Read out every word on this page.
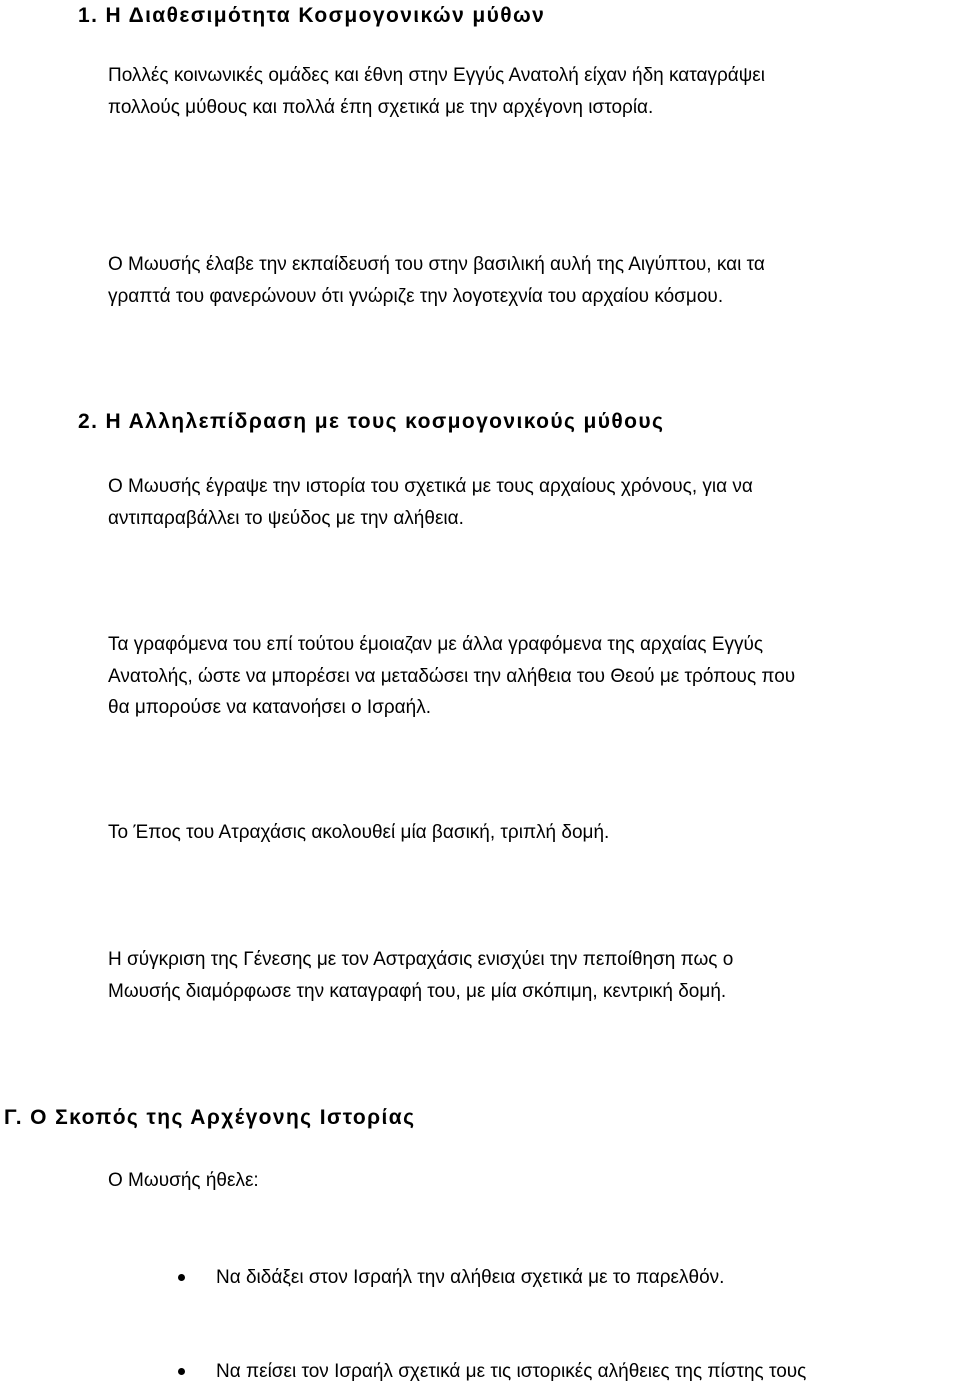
1. Η Διαθεσιμότητα Κοσμογονικών μύθων

Πολλές κοινωνικές ομάδες και έθνη στην Εγγύς Ανατολή είχαν ήδη καταγράψει
πολλούς μύθους και πολλά έπη σχετικά με την αρχέγονη ιστορία.

Ο Μωυσής έλαβε την εκπαίδευσή του στην βασιλική αυλή της Αιγύπτου, και τα
γραπτά του φανερώνουν ότι γνώριζε την λογοτεχνία του αρχαίου κόσμου.

2. Η Αλληλεπίδραση με τους κοσμογονικούς μύθους

Ο Μωυσής έγραψε την ιστορία του σχετικά με τους αρχαίους χρόνους, για να
αντιπαραβάλλει το ψεύδος με την αλήθεια.

Τα γραφόμενα του επί τούτου έμοιαζαν με άλλα γραφόμενα της αρχαίας Εγγύς
Ανατολής, ώστε να μπορέσει να μεταδώσει την αλήθεια του Θεού με τρόπους που
θα μπορούσε να κατανοήσει ο Ισραήλ.

Το Έπος του Ατραχάσις ακολουθεί μία βασική, τριπλή δομή.

Η σύγκριση της Γένεσης με τον Αστραχάσις ενισχύει την πεποίθηση πως ο
Μωυσής διαμόρφωσε την καταγραφή του, με μία σκόπιμη, κεντρική δομή.

Γ. Ο Σκοπός της Αρχέγονης Ιστορίας

Ο Μωυσής ήθελε:

Να διδάξει στον Ισραήλ την αλήθεια σχετικά με το παρελθόν.
Να πείσει τον Ισραήλ σχετικά με τις ιστορικές αλήθειες της πίστης τους
